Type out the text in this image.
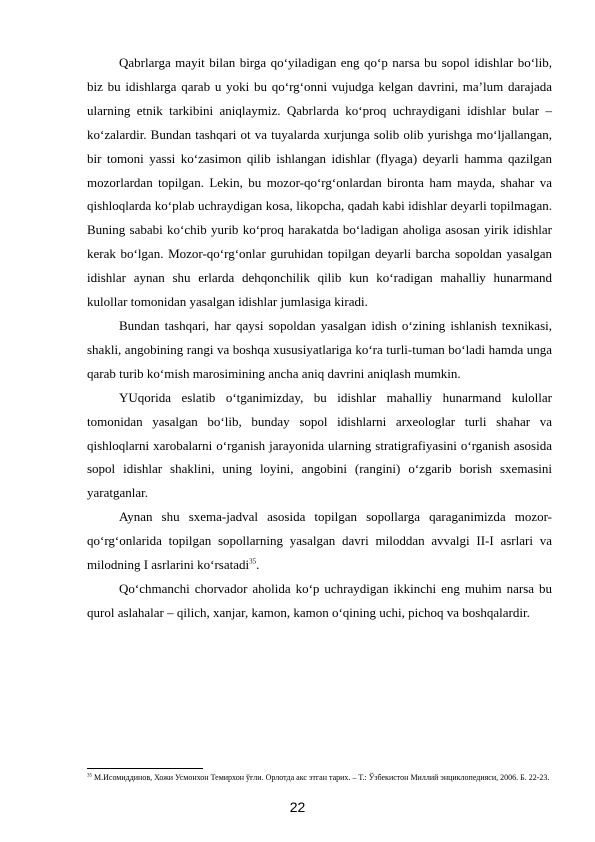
Qabrlarga mayit bilan birga qo‘yiladigan eng qo‘p narsa bu sopol idishlar bo‘lib, biz bu idishlarga qarab u yoki bu qo‘rg‘onni vujudga kelgan davrini, ma’lum darajada ularning etnik tarkibini aniqlaymiz. Qabrlarda ko‘proq uchraydigani idishlar bular – ko‘zalardir. Bundan tashqari ot va tuyalarda xurjunga solib olib yurishga mo‘ljallangan, bir tomoni yassi ko‘zasimon qilib ishlangan idishlar (flyaga) deyarli hamma qazilgan mozorlardan topilgan. Lekin, bu mozor-qo‘rg‘onlardan bironta ham mayda, shahar va qishloqlarda ko‘plab uchraydigan kosa, likopcha, qadah kabi idishlar deyarli topilmagan. Buning sababi ko‘chib yurib ko‘proq harakatda bo‘ladigan aholiga asosan yirik idishlar kerak bo‘lgan. Mozor-qo‘rg‘onlar guruhidan topilgan deyarli barcha sopoldan yasalgan idishlar aynan shu erlarda dehqonchilik qilib kun ko‘radigan mahalliy hunarmand kulollar tomonidan yasalgan idishlar jumlasiga kiradi.

Bundan tashqari, har qaysi sopoldan yasalgan idish o‘zining ishlanish texnikasi, shakli, angobining rangi va boshqa xususiyatlariga ko‘ra turli-tuman bo‘ladi hamda unga qarab turib ko‘mish marosimining ancha aniq davrini aniqlash mumkin.

YUqorida eslatib o‘tganimizday, bu idishlar mahalliy hunarmand kulollar tomonidan yasalgan bo‘lib, bunday sopol idishlarni arxeologlar turli shahar va qishloqlarni xarobalarni o‘rganish jarayonida ularning stratigrafiyasini o‘rganish asosida sopol idishlar shaklini, uning loyini, angobini (rangini) o‘zgarib borish sxemasini yaratganlar.

Aynan shu sxema-jadval asosida topilgan sopollarga qaraganimizda mozor-qo‘rg‘onlarida topilgan sopollarning yasalgan davri miloddan avvalgi II-I asrlari va milodning I asrlarini ko‘rsatadi$^{35}$.

Qo‘chmanchi chorvador aholida ko‘p uchraydigan ikkinchi eng muhim narsa bu qurol aslahalar – qilich, xanjar, kamon, kamon o‘qining uchi, pichoq va boshqalardir.

$^{35}$ М.Исомиддинов, Хожи Усмонхон Темирхон ўғли. Орлотда акс этган тарих. – Т.: Ўзбекистон Миллий энциклопедияси, 2006. Б. 22-23.

22
